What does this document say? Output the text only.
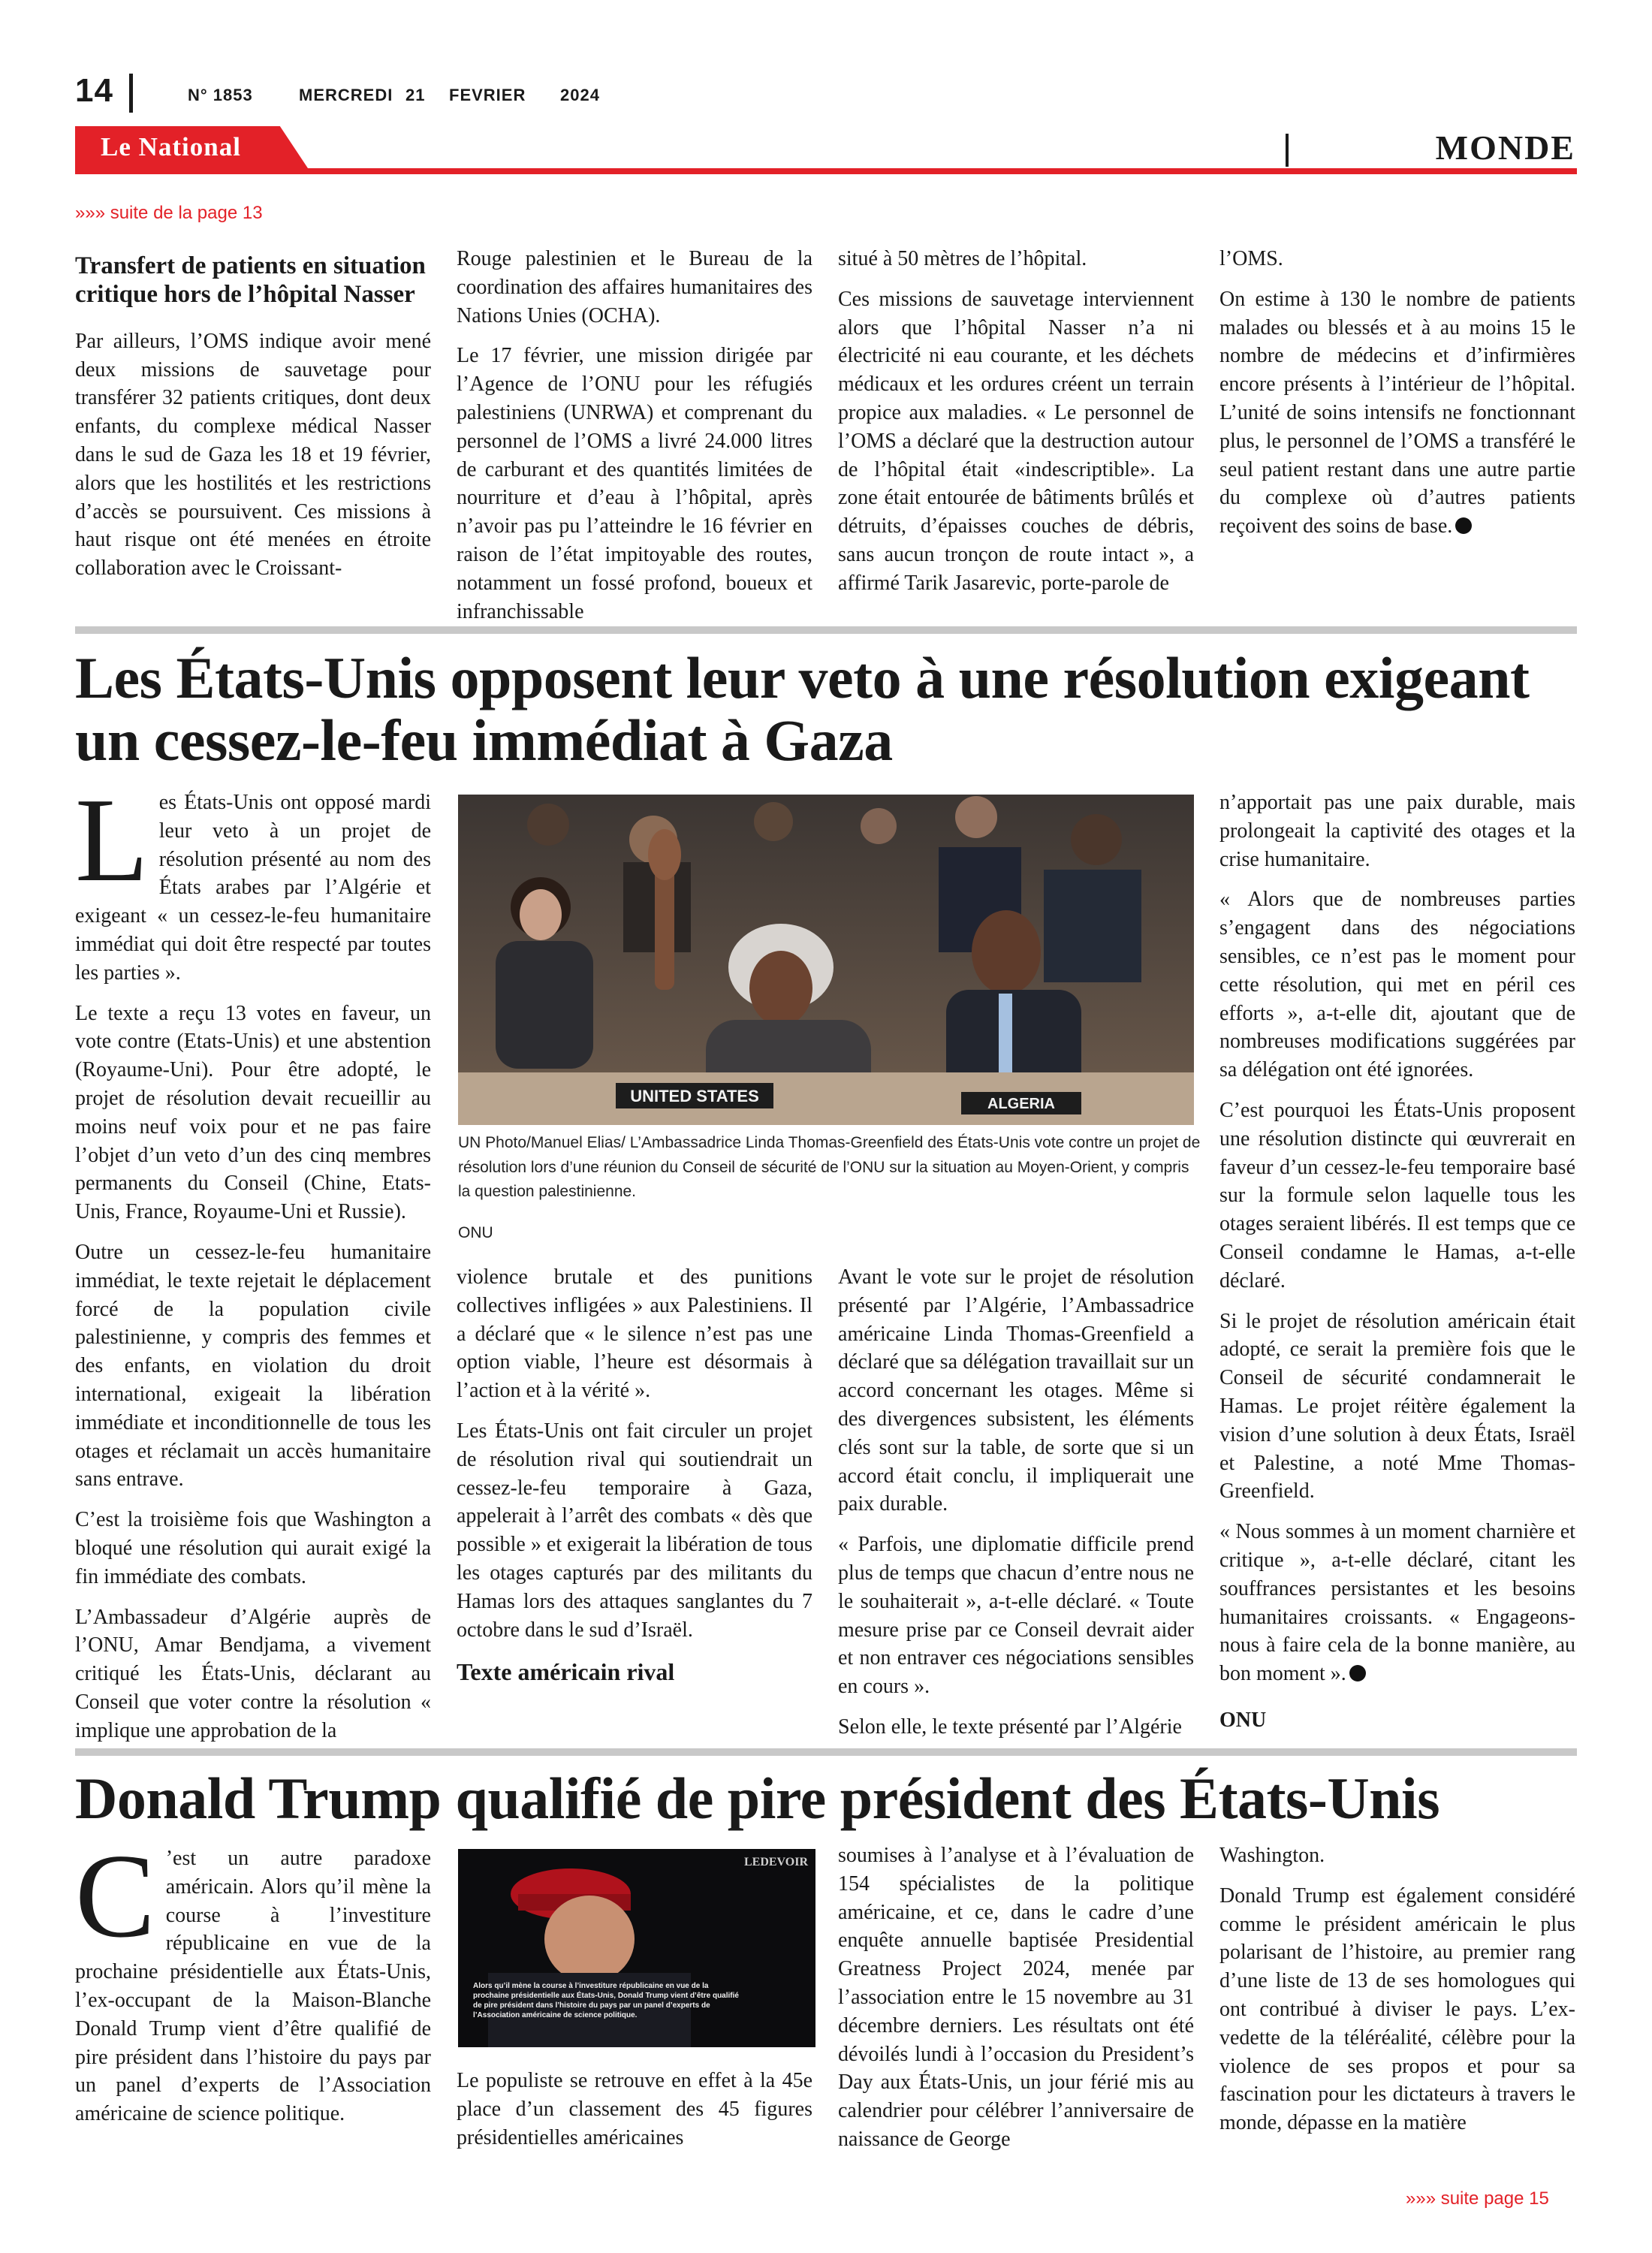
14	N° 1853	MERCREDI 21 FEVRIER 2024
Le National	MONDE
»»» suite de la page 13
Transfert de patients en situation critique hors de l’hôpital Nasser

Par ailleurs, l’OMS indique avoir mené deux missions de sauvetage pour transférer 32 patients critiques, dont deux enfants, du complexe médical Nasser dans le sud de Gaza les 18 et 19 février, alors que les hostilités et les restrictions d’accès se poursuivent. Ces missions à haut risque ont été menées en étroite collaboration avec le Croissant-

Rouge palestinien et le Bureau de la coordination des affaires humanitaires des Nations Unies (OCHA).

Le 17 février, une mission dirigée par l’Agence de l’ONU pour les réfugiés palestiniens (UNRWA) et comprenant du personnel de l’OMS a livré 24.000 litres de carburant et des quantités limitées de nourriture et d’eau à l’hôpital, après n’avoir pas pu l’atteindre le 16 février en raison de l’état impitoyable des routes, notamment un fossé profond, boueux et infranchissable

situé à 50 mètres de l’hôpital.

Ces missions de sauvetage interviennent alors que l’hôpital Nasser n’a ni électricité ni eau courante, et les déchets médicaux et les ordures créent un terrain propice aux maladies. « Le personnel de l’OMS a déclaré que la destruction autour de l’hôpital était «indescriptible». La zone était entourée de bâtiments brûlés et détruits, d’épaisses couches de débris, sans aucun tronçon de route intact », a affirmé Tarik Jasarevic, porte-parole de

l’OMS.

On estime à 130 le nombre de patients malades ou blessés et à au moins 15 le nombre de médecins et d’infirmières encore présents à l’intérieur de l’hôpital. L’unité de soins intensifs ne fonctionnant plus, le personnel de l’OMS a transféré le seul patient restant dans une autre partie du complexe où d’autres patients reçoivent des soins de base.

Les États-Unis opposent leur veto à une résolution exigeant
un cessez-le-feu immédiat à Gaza

Les États-Unis ont opposé mardi leur veto à un projet de résolution présenté au nom des États arabes par l’Algérie et exigeant « un cessez-le-feu humanitaire immédiat qui doit être respecté par toutes les parties ».

Le texte a reçu 13 votes en faveur, un vote contre (Etats-Unis) et une abstention (Royaume-Uni). Pour être adopté, le projet de résolution devait recueillir au moins neuf voix pour et ne pas faire l’objet d’un veto d’un des cinq membres permanents du Conseil (Chine, Etats-Unis, France, Royaume-Uni et Russie).

Outre un cessez-le-feu humanitaire immédiat, le texte rejetait le déplacement forcé de la population civile palestinienne, y compris des femmes et des enfants, en violation du droit international, exigeait la libération immédiate et inconditionnelle de tous les otages et réclamait un accès humanitaire sans entrave.

C’est la troisième fois que Washington a bloqué une résolution qui aurait exigé la fin immédiate des combats.

L’Ambassadeur d’Algérie auprès de l’ONU, Amar Bendjama, a vivement critiqué les États-Unis, déclarant au Conseil que voter contre la résolution « implique une approbation de la

UNITED STATES	ALGERIA
UN Photo/Manuel Elias/ L’Ambassadrice Linda Thomas-Greenfield des États-Unis vote contre un projet de résolution lors d’une réunion du Conseil de sécurité de l’ONU sur la situation au Moyen-Orient, y compris la question palestinienne.
ONU

violence brutale et des punitions collectives infligées » aux Palestiniens. Il a déclaré que « le silence n’est pas une option viable, l’heure est désormais à l’action et à la vérité ».

Les États-Unis ont fait circuler un projet de résolution rival qui soutiendrait un cessez-le-feu temporaire à Gaza, appelerait à l’arrêt des combats « dès que possible » et exigerait la libération de tous les otages capturés par des militants du Hamas lors des attaques sanglantes du 7 octobre dans le sud d’Israël.

Texte américain rival

Avant le vote sur le projet de résolution présenté par l’Algérie, l’Ambassadrice américaine Linda Thomas-Greenfield a déclaré que sa délégation travaillait sur un accord concernant les otages. Même si des divergences subsistent, les éléments clés sont sur la table, de sorte que si un accord était conclu, il impliquerait une paix durable.

« Parfois, une diplomatie difficile prend plus de temps que chacun d’entre nous ne le souhaiterait », a-t-elle déclaré. « Toute mesure prise par ce Conseil devrait aider et non entraver ces négociations sensibles en cours ».

Selon elle, le texte présenté par l’Algérie

n’apportait pas une paix durable, mais prolongeait la captivité des otages et la crise humanitaire.

« Alors que de nombreuses parties s’engagent dans des négociations sensibles, ce n’est pas le moment pour cette résolution, qui met en péril ces efforts », a-t-elle dit, ajoutant que de nombreuses modifications suggérées par sa délégation ont été ignorées.

C’est pourquoi les États-Unis proposent une résolution distincte qui œuvrerait en faveur d’un cessez-le-feu temporaire basé sur la formule selon laquelle tous les otages seraient libérés. Il est temps que ce Conseil condamne le Hamas, a-t-elle déclaré.

Si le projet de résolution américain était adopté, ce serait la première fois que le Conseil de sécurité condamnerait le Hamas. Le projet réitère également la vision d’une solution à deux États, Israël et Palestine, a noté Mme Thomas-Greenfield.

« Nous sommes à un moment charnière et critique », a-t-elle déclaré, citant les souffrances persistantes et les besoins humanitaires croissants. « Engageons-nous à faire cela de la bonne manière, au bon moment ».

ONU
Donald Trump qualifié de pire président des États-Unis

C ’est un autre paradoxe américain. Alors qu’il mène la course à l’investiture républicaine en vue de la prochaine présidentielle aux États-Unis, l’ex-occupant de la Maison-Blanche Donald Trump vient d’être qualifié de pire président dans l’histoire du pays par un panel d’experts de l’Association américaine de science politique.

LEDEVOIR
Alors qu’il mène la course à l’investiture républicaine en vue de la prochaine présidentielle aux États-Unis, Donald Trump vient d’être qualifié de pire président dans l’histoire du pays par un panel d’experts de l’Association américaine de science politique.

Le populiste se retrouve en effet à la 45e place d’un classement des 45 figures présidentielles américaines

soumises à l’analyse et à l’évaluation de 154 spécialistes de la politique américaine, et ce, dans le cadre d’une enquête annuelle baptisée Presidential Greatness Project 2024, menée par l’association entre le 15 novembre au 31 décembre derniers. Les résultats ont été dévoilés lundi à l’occasion du President’s Day aux États-Unis, un jour férié mis au calendrier pour célébrer l’anniversaire de naissance de George

Washington.

Donald Trump est également considéré comme le président américain le plus polarisant de l’histoire, au premier rang d’une liste de 13 de ses homologues qui ont contribué à diviser le pays. L’ex-vedette de la téléréalité, célèbre pour la violence de ses propos et pour sa fascination pour les dictateurs à travers le monde, dépasse en la matière

»»» suite page 15
